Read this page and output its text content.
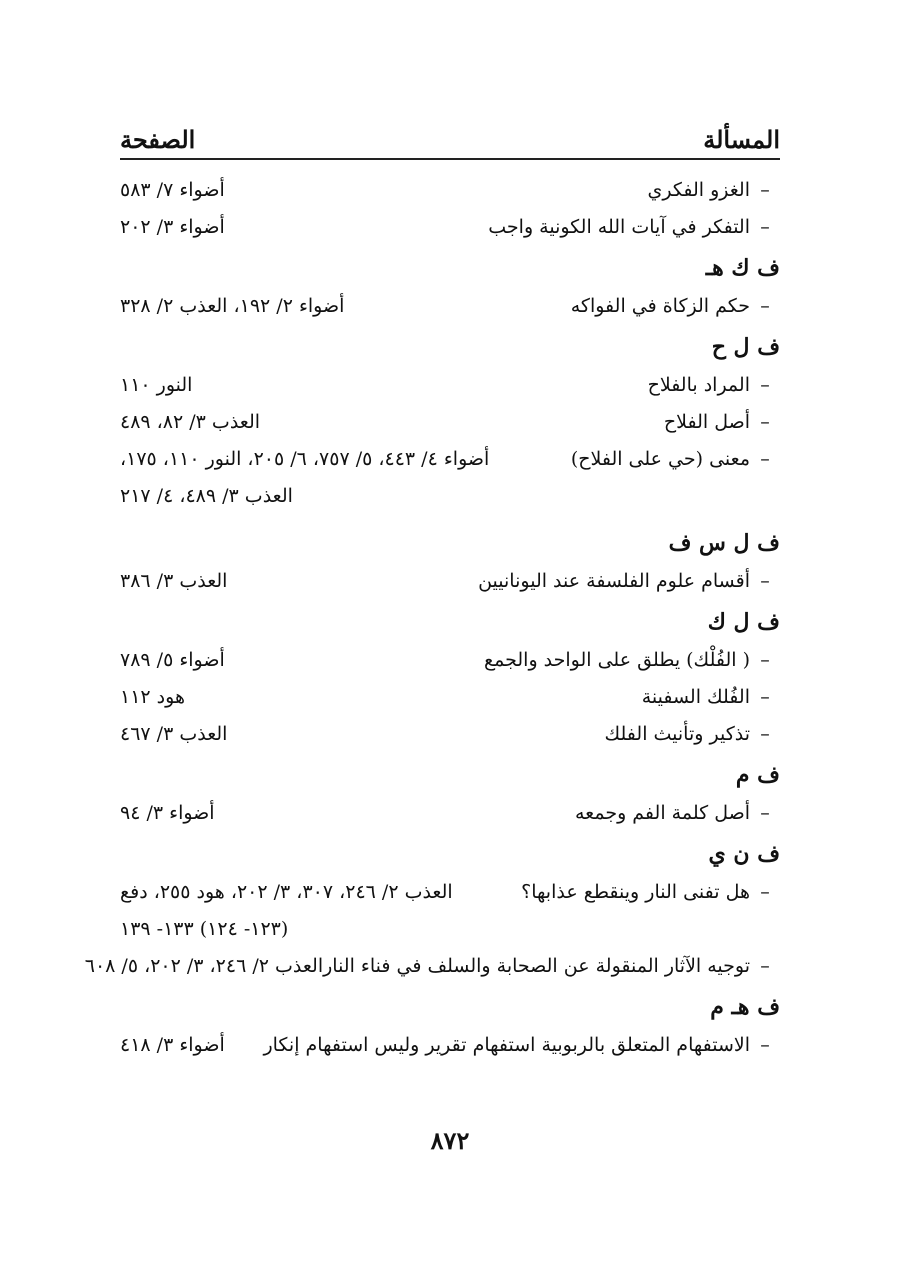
المسألة
الصفحة
–الغزو الفكري
أضواء ٧/ ٥٨٣
–التفكر في آيات الله الكونية واجب
أضواء ٣/ ٢٠٢
ف ك هـ
–حكم الزكاة في الفواكه
أضواء ٢/ ١٩٢، العذب ٢/ ٣٢٨
ف ل ح
–المراد بالفلاح
النور ١١٠
–أصل الفلاح
العذب ٣/ ٨٢، ٤٨٩
–معنى (حي على الفلاح)
أضواء ٤/ ٤٤٣، ٥/ ٧٥٧، ٦/ ٢٠٥، النور ١١٠، ١٧٥،
العذب ٣/ ٤٨٩، ٤/ ٢١٧
ف ل س ف
–أقسام علوم الفلسفة عند اليونانيين
العذب ٣/ ٣٨٦
ف ل ك
–( الفُلْك) يطلق على الواحد والجمع
أضواء ٥/ ٧٨٩
–الفُلك السفينة
هود ١١٢
–تذكير وتأنيث الفلك
العذب ٣/ ٤٦٧
ف م
–أصل كلمة الفم وجمعه
أضواء ٣/ ٩٤
ف ن ي
–هل تفنى النار وينقطع عذابها؟
العذب ٢/ ٢٤٦، ٣٠٧، ٣/ ٢٠٢، هود ٢٥٥، دفع
(١٢٣- ١٢٤) ١٣٣- ١٣٩
–توجيه الآثار المنقولة عن الصحابة والسلف في فناء النار
العذب ٢/ ٢٤٦، ٣/ ٢٠٢، ٥/ ٦٠٨
ف هـ م
–الاستفهام المتعلق بالربوبية استفهام تقرير وليس استفهام إنكار
أضواء ٣/ ٤١٨
٨٧٢
